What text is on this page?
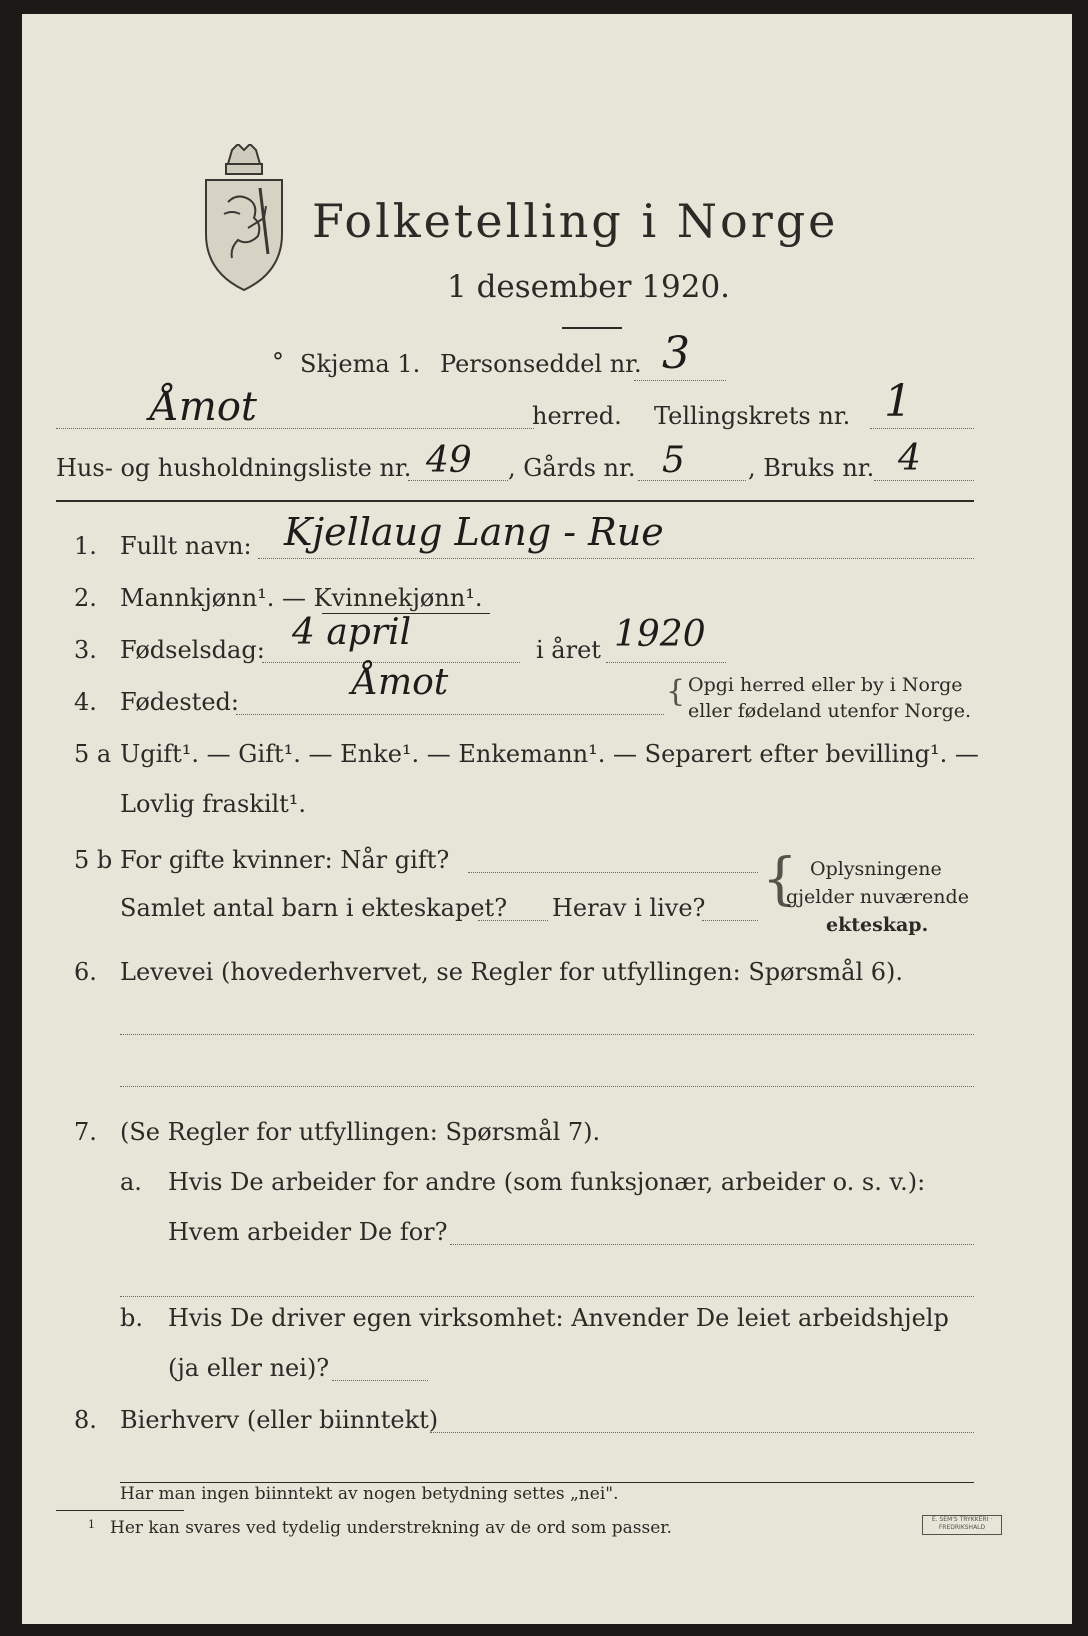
Folketelling i Norge
1 desember 1920.
° Skjema 1. Personseddel nr. 3
Åmot	herred. Tellingskrets nr. 1
Hus- og husholdningsliste nr. 49 , Gårds nr. 5	, Bruks nr. 4
1. Fullt navn: Kjellaug Lang - Rue
2. Mannkjønn¹. — Kvinnekjønn¹.
3. Fødselsdag: 4 april	i året 1920
4. Fødested:	Åmot	{ Opgi herred eller by i Norge
eller fødeland utenfor Norge.
5 a Ugift¹. — Gift¹. — Enke¹. — Enkemann¹. — Separert efter bevilling¹. —
Lovlig fraskilt¹.
5 b For gifte kvinner: Når gift?
Samlet antal barn i ekteskapet? Herav i live? { Oplysningene
gjelder nuværende
ekteskap.
6. Levevei (hovederhvervet, se Regler for utfyllingen: Spørsmål 6).
7. (Se Regler for utfyllingen: Spørsmål 7).
a.	Hvis De arbeider for andre (som funksjonær, arbeider o. s. v.):
Hvem arbeider De for?
b.	Hvis De driver egen virksomhet: Anvender De leiet arbeidshjelp
(ja eller nei)?
8. Bierhverv (eller biinntekt)
Har man ingen biinntekt av nogen betydning settes „nei".
1 Her kan svares ved tydelig understrekning av de ord som passer.	E. SEM'S TRYKKERI · FREDRIKSHALD
